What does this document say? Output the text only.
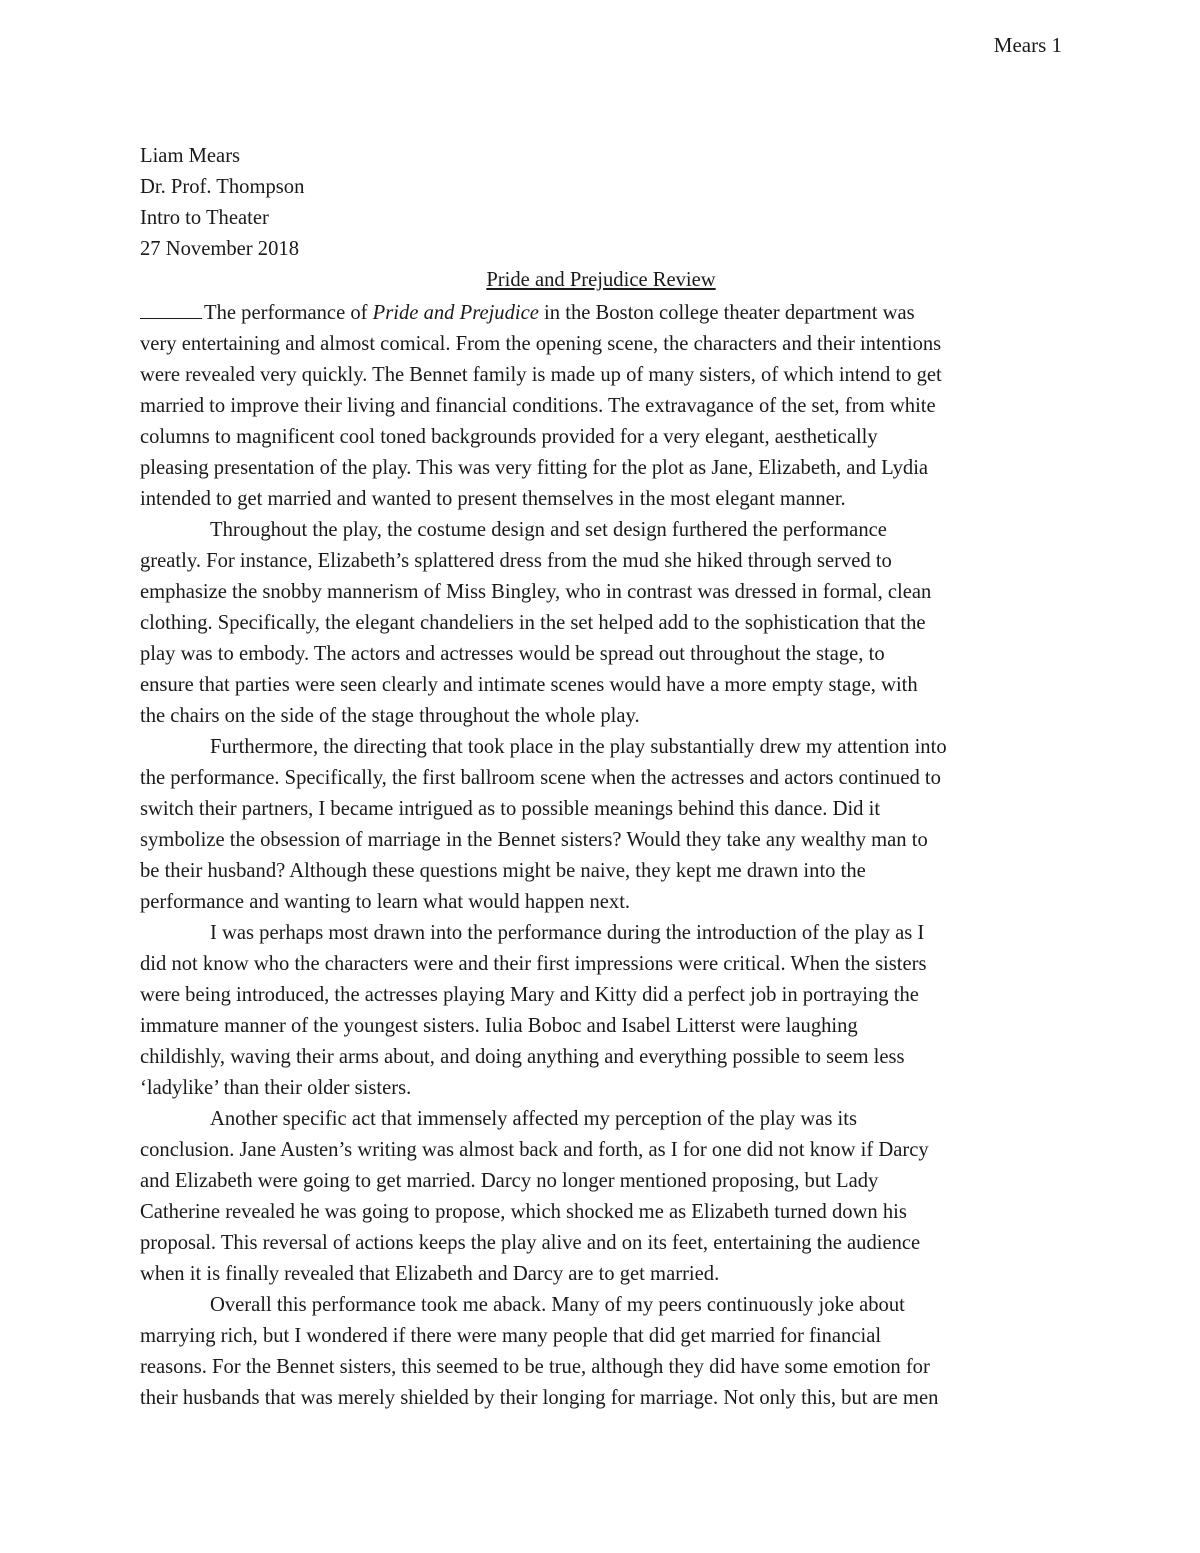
Mears 1
Liam Mears
Dr. Prof. Thompson
Intro to Theater
27 November 2018
Pride and Prejudice Review
The performance of Pride and Prejudice in the Boston college theater department was
very entertaining and almost comical. From the opening scene, the characters and their intentions
were revealed very quickly. The Bennet family is made up of many sisters, of which intend to get
married to improve their living and financial conditions. The extravagance of the set, from white
columns to magnificent cool toned backgrounds provided for a very elegant, aesthetically
pleasing presentation of the play. This was very fitting for the plot as Jane, Elizabeth, and Lydia
intended to get married and wanted to present themselves in the most elegant manner.
Throughout the play, the costume design and set design furthered the performance
greatly. For instance, Elizabeth’s splattered dress from the mud she hiked through served to
emphasize the snobby mannerism of Miss Bingley, who in contrast was dressed in formal, clean
clothing. Specifically, the elegant chandeliers in the set helped add to the sophistication that the
play was to embody. The actors and actresses would be spread out throughout the stage, to
ensure that parties were seen clearly and intimate scenes would have a more empty stage, with
the chairs on the side of the stage throughout the whole play.
Furthermore, the directing that took place in the play substantially drew my attention into
the performance. Specifically, the first ballroom scene when the actresses and actors continued to
switch their partners, I became intrigued as to possible meanings behind this dance. Did it
symbolize the obsession of marriage in the Bennet sisters? Would they take any wealthy man to
be their husband? Although these questions might be naive, they kept me drawn into the
performance and wanting to learn what would happen next.
I was perhaps most drawn into the performance during the introduction of the play as I
did not know who the characters were and their first impressions were critical. When the sisters
were being introduced, the actresses playing Mary and Kitty did a perfect job in portraying the
immature manner of the youngest sisters. Iulia Boboc and Isabel Litterst were laughing
childishly, waving their arms about, and doing anything and everything possible to seem less
‘ladylike’ than their older sisters.
Another specific act that immensely affected my perception of the play was its
conclusion. Jane Austen’s writing was almost back and forth, as I for one did not know if Darcy
and Elizabeth were going to get married. Darcy no longer mentioned proposing, but Lady
Catherine revealed he was going to propose, which shocked me as Elizabeth turned down his
proposal. This reversal of actions keeps the play alive and on its feet, entertaining the audience
when it is finally revealed that Elizabeth and Darcy are to get married.
Overall this performance took me aback. Many of my peers continuously joke about
marrying rich, but I wondered if there were many people that did get married for financial
reasons. For the Bennet sisters, this seemed to be true, although they did have some emotion for
their husbands that was merely shielded by their longing for marriage. Not only this, but are men
